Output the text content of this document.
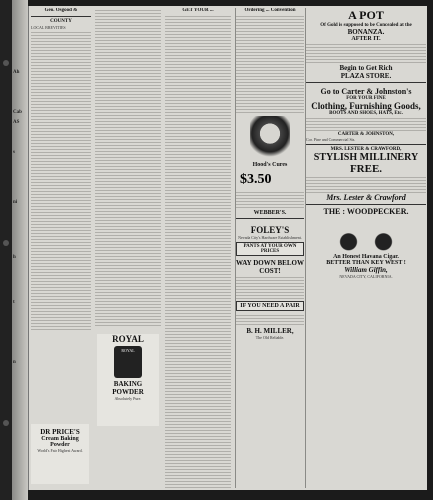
Ah
Cab
s
AS
ni
h
t
n
Geo. Osgood &
COUNTY
LOCAL BREVITIES
DR PRICE'S
Cream Baking Powder
World's Fair Highest Award.
ROYAL
ROYAL
BAKING
POWDER
Absolutely Pure.
GET YOUR ...	Ordering ... Convention
Hood's Cures
$3.50
WEBBER'S.
FOLEY'S
Nevada City's Hardware Establishment.
PANTS AT YOUR OWN PRICES
WAY DOWN BELOW COST!
IF YOU NEED A PAIR
B. H. MILLER,
The Old Reliable.
A POT
Of Gold is supposed to be Concealed at the
BONANZA.
AFTER IT.
Begin to Get Rich
PLAZA STORE.
Go to Carter & Johnston's
FOR YOUR FINE
Clothing, Furnishing Goods,
BOOTS AND SHOES, HATS, Etc.
CARTER & JOHNSTON,
Cor. Pine and Commercial Sts.
MRS. LESTER & CRAWFORD,
STYLISH MILLINERY
FREE.
Mrs. Lester & Crawford
THE : WOODPECKER.
An Honest Havana Cigar.
BETTER THAN KEY WEST !
William Giffin,
NEVADA CITY, CALIFORNIA.
